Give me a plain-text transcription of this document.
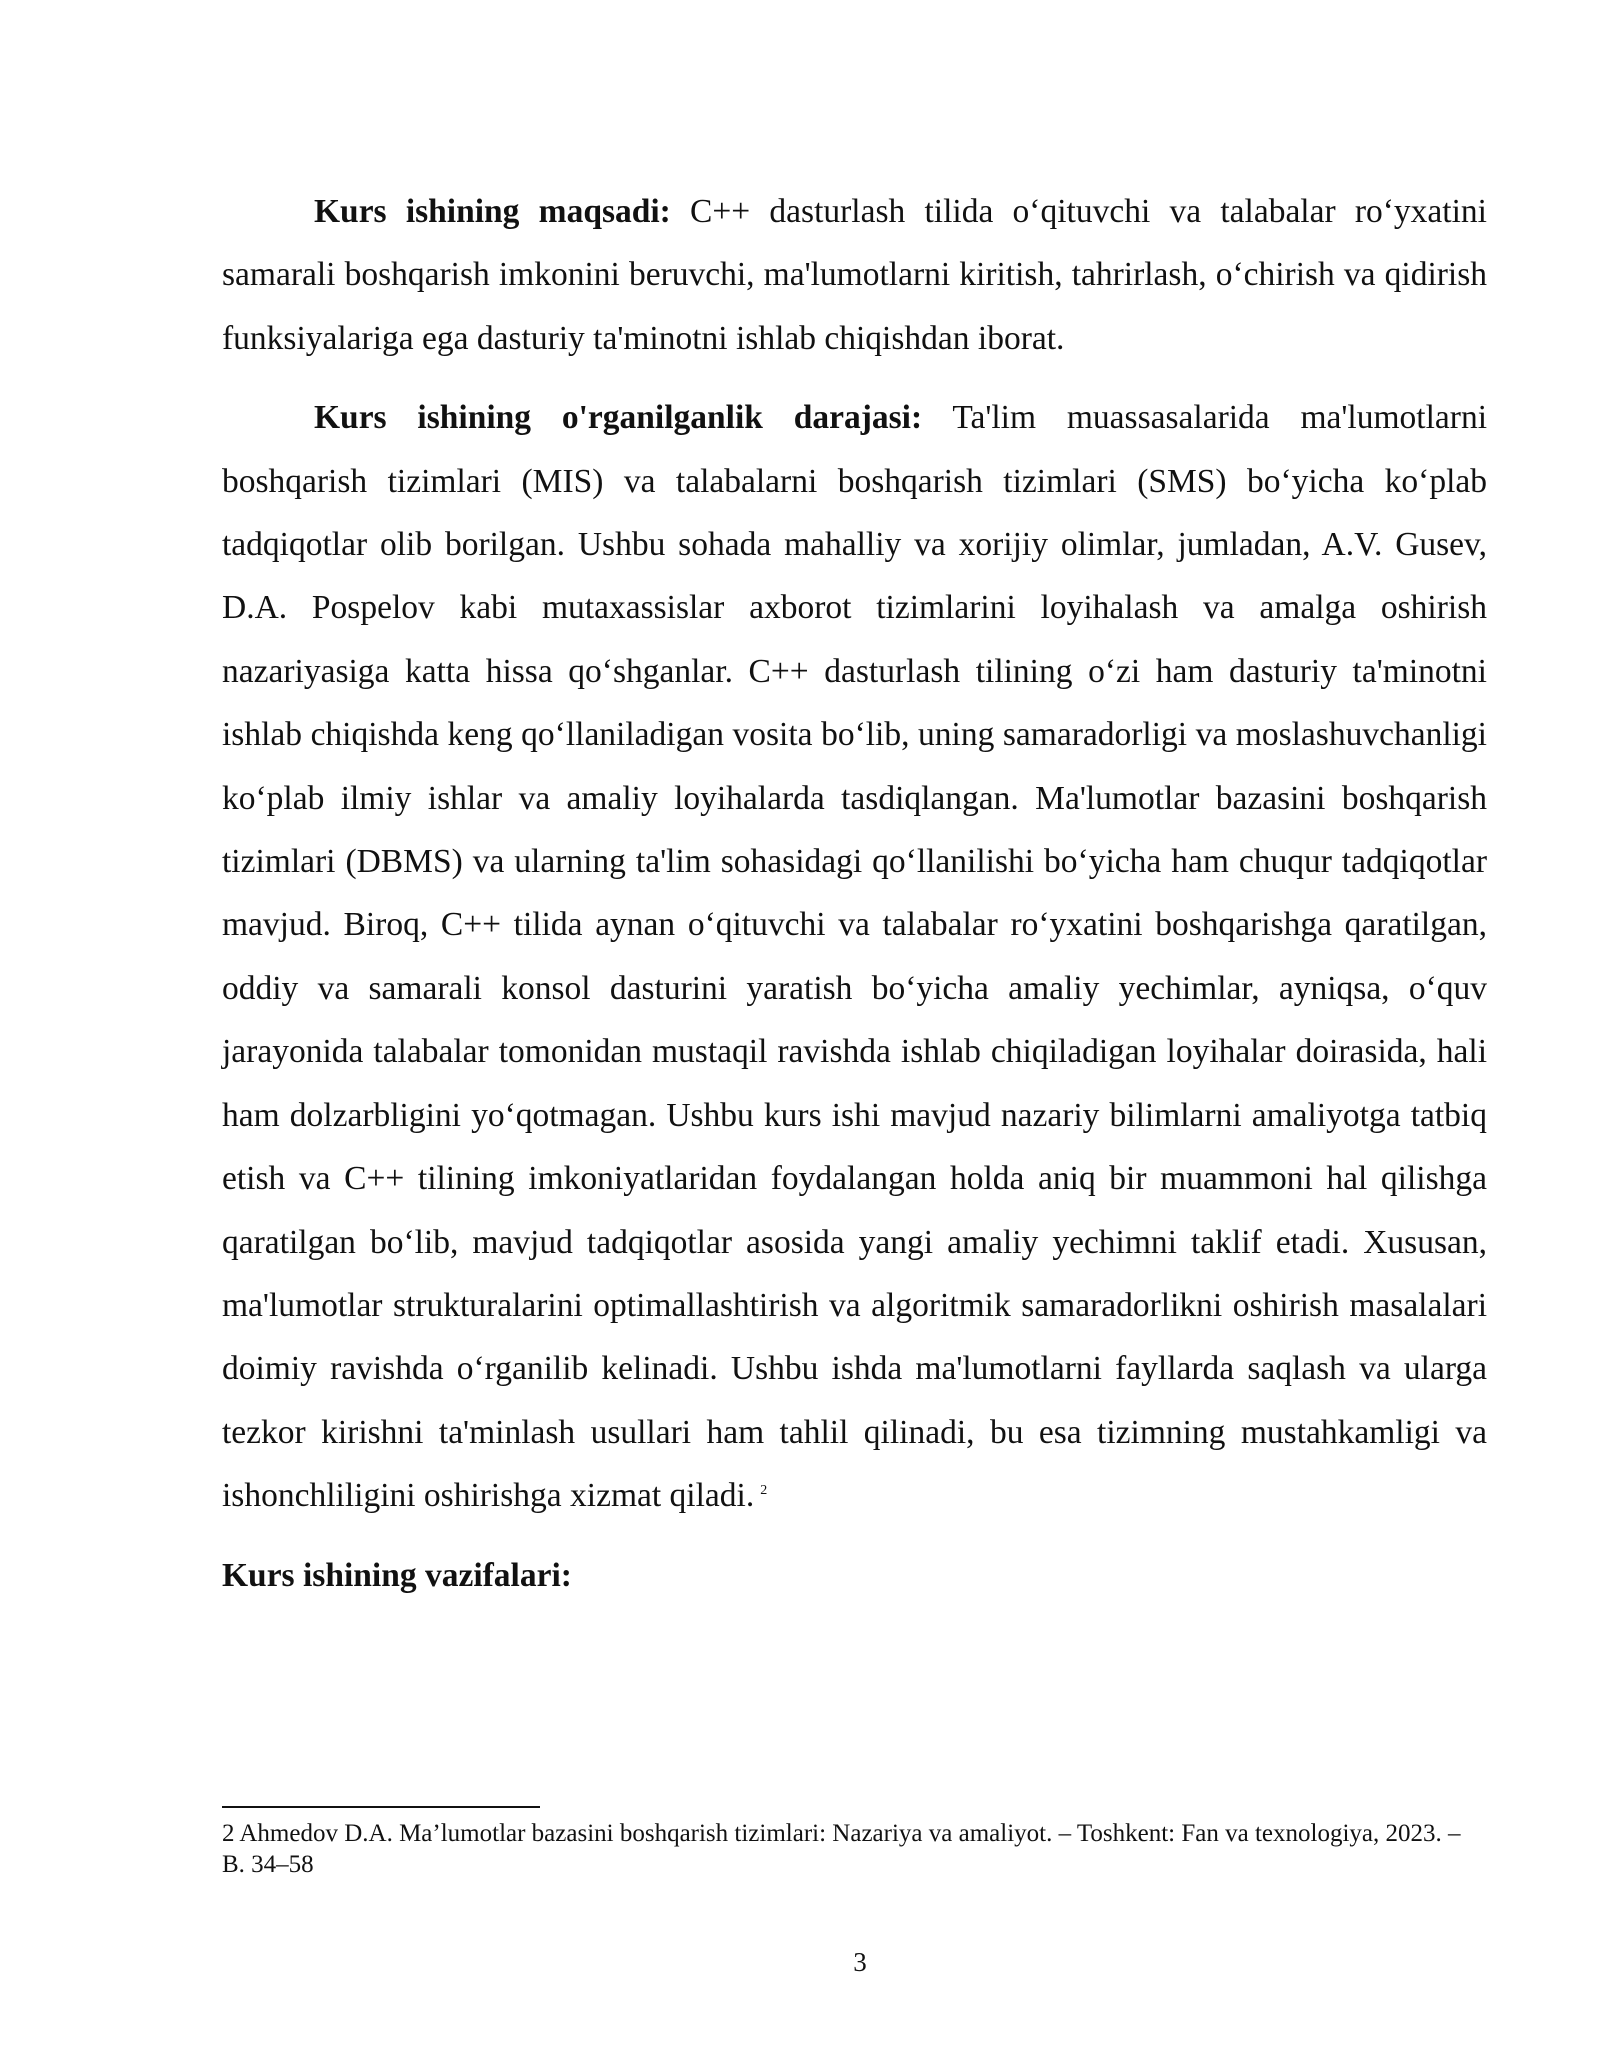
Kurs ishining maqsadi: C++ dasturlash tilida o‘qituvchi va talabalar ro‘yxatini samarali boshqarish imkonini beruvchi, ma'lumotlarni kiritish, tahrirlash, o‘chirish va qidirish funksiyalariga ega dasturiy ta'minotni ishlab chiqishdan iborat.

Kurs ishining o'rganilganlik darajasi: Ta'lim muassasalarida ma'lumotlarni boshqarish tizimlari (MIS) va talabalarni boshqarish tizimlari (SMS) bo‘yicha ko‘plab tadqiqotlar olib borilgan. Ushbu sohada mahalliy va xorijiy olimlar, jumladan, A.V. Gusev, D.A. Pospelov kabi mutaxassislar axborot tizimlarini loyihalash va amalga oshirish nazariyasiga katta hissa qo‘shganlar. C++ dasturlash tilining o‘zi ham dasturiy ta'minotni ishlab chiqishda keng qo‘llaniladigan vosita bo‘lib, uning samaradorligi va moslashuvchanligi ko‘plab ilmiy ishlar va amaliy loyihalarda tasdiqlangan. Ma'lumotlar bazasini boshqarish tizimlari (DBMS) va ularning ta'lim sohasidagi qo‘llanilishi bo‘yicha ham chuqur tadqiqotlar mavjud. Biroq, C++ tilida aynan o‘qituvchi va talabalar ro‘yxatini boshqarishga qaratilgan, oddiy va samarali konsol dasturini yaratish bo‘yicha amaliy yechimlar, ayniqsa, o‘quv jarayonida talabalar tomonidan mustaqil ravishda ishlab chiqiladigan loyihalar doirasida, hali ham dolzarbligini yo‘qotmagan. Ushbu kurs ishi mavjud nazariy bilimlarni amaliyotga tatbiq etish va C++ tilining imkoniyatlaridan foydalangan holda aniq bir muammoni hal qilishga qaratilgan bo‘lib, mavjud tadqiqotlar asosida yangi amaliy yechimni taklif etadi. Xususan, ma'lumotlar strukturalarini optimallashtirish va algoritmik samaradorlikni oshirish masalalari doimiy ravishda o‘rganilib kelinadi. Ushbu ishda ma'lumotlarni fayllarda saqlash va ularga tezkor kirishni ta'minlash usullari ham tahlil qilinadi, bu esa tizimning mustahkamligi va ishonchliligini oshirishga xizmat qiladi. $^2$

Kurs ishining vazifalari:

2 Ahmedov D.A. Ma’lumotlar bazasini boshqarish tizimlari: Nazariya va amaliyot. – Toshkent: Fan va texnologiya, 2023. – B. 34–58
3
